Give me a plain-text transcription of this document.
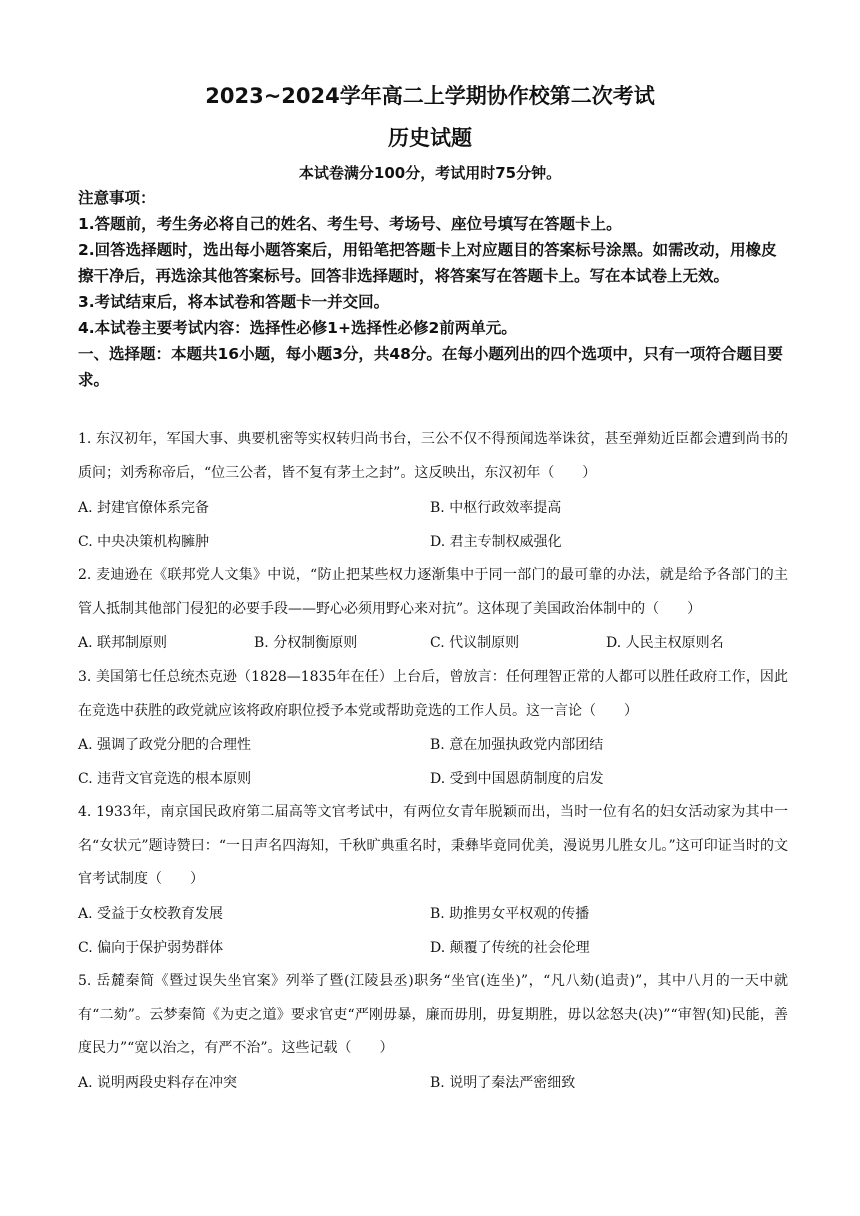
2023~2024学年高二上学期协作校第二次考试
历史试题
本试卷满分100分，考试用时75分钟。
注意事项：
1.答题前，考生务必将自己的姓名、考生号、考场号、座位号填写在答题卡上。
2.回答选择题时，选出每小题答案后，用铅笔把答题卡上对应题目的答案标号涂黑。如需改动，用橡皮擦干净后，再选涂其他答案标号。回答非选择题时，将答案写在答题卡上。写在本试卷上无效。
3.考试结束后，将本试卷和答题卡一并交回。
4.本试卷主要考试内容：选择性必修1+选择性必修2前两单元。
一、选择题：本题共16小题，每小题3分，共48分。在每小题列出的四个选项中，只有一项符合题目要求。
1. 东汉初年，军国大事、典要机密等实权转归尚书台，三公不仅不得预闻选举诛贫，甚至弹劾近臣都会遭到尚书的质问；刘秀称帝后，“位三公者，皆不复有茅土之封”。这反映出，东汉初年（　　）
A. 封建官僚体系完备	B. 中枢行政效率提高
C. 中央决策机构臃肿	D. 君主专制权威强化
2. 麦迪逊在《联邦党人文集》中说，“防止把某些权力逐渐集中于同一部门的最可靠的办法，就是给予各部门的主管人抵制其他部门侵犯的必要手段——野心必须用野心来对抗”。这体现了美国政治体制中的（　　）
A. 联邦制原则	B. 分权制衡原则	C. 代议制原则	D. 人民主权原则名
3. 美国第七任总统杰克逊（1828—1835年在任）上台后，曾放言：任何理智正常的人都可以胜任政府工作，因此在竞选中获胜的政党就应该将政府职位授予本党或帮助竞选的工作人员。这一言论（　　）
A. 强调了政党分肥的合理性	B. 意在加强执政党内部团结
C. 违背文官竞选的根本原则	D. 受到中国恩荫制度的启发
4. 1933年，南京国民政府第二届高等文官考试中，有两位女青年脱颖而出，当时一位有名的妇女活动家为其中一名“女状元”题诗赞曰：“一日声名四海知，千秋旷典重名时，秉彝毕竟同优美，漫说男儿胜女儿。”这可印证当时的文官考试制度（　　）
A. 受益于女校教育发展	B. 助推男女平权观的传播
C. 偏向于保护弱势群体	D. 颠覆了传统的社会伦理
5. 岳麓秦简《暨过误失坐官案》列举了暨(江陵县丞)职务“坐官(连坐)”，“凡八劾(追责)”，其中八月的一天中就有“二劾”。云梦秦简《为吏之道》要求官吏“严刚毋暴，廉而毋刖，毋复期胜，毋以忿怒夬(决)”“审智(知)民能，善度民力”“宽以治之，有严不治”。这些记载（　　）
A. 说明两段史料存在冲突	B. 说明了秦法严密细致
